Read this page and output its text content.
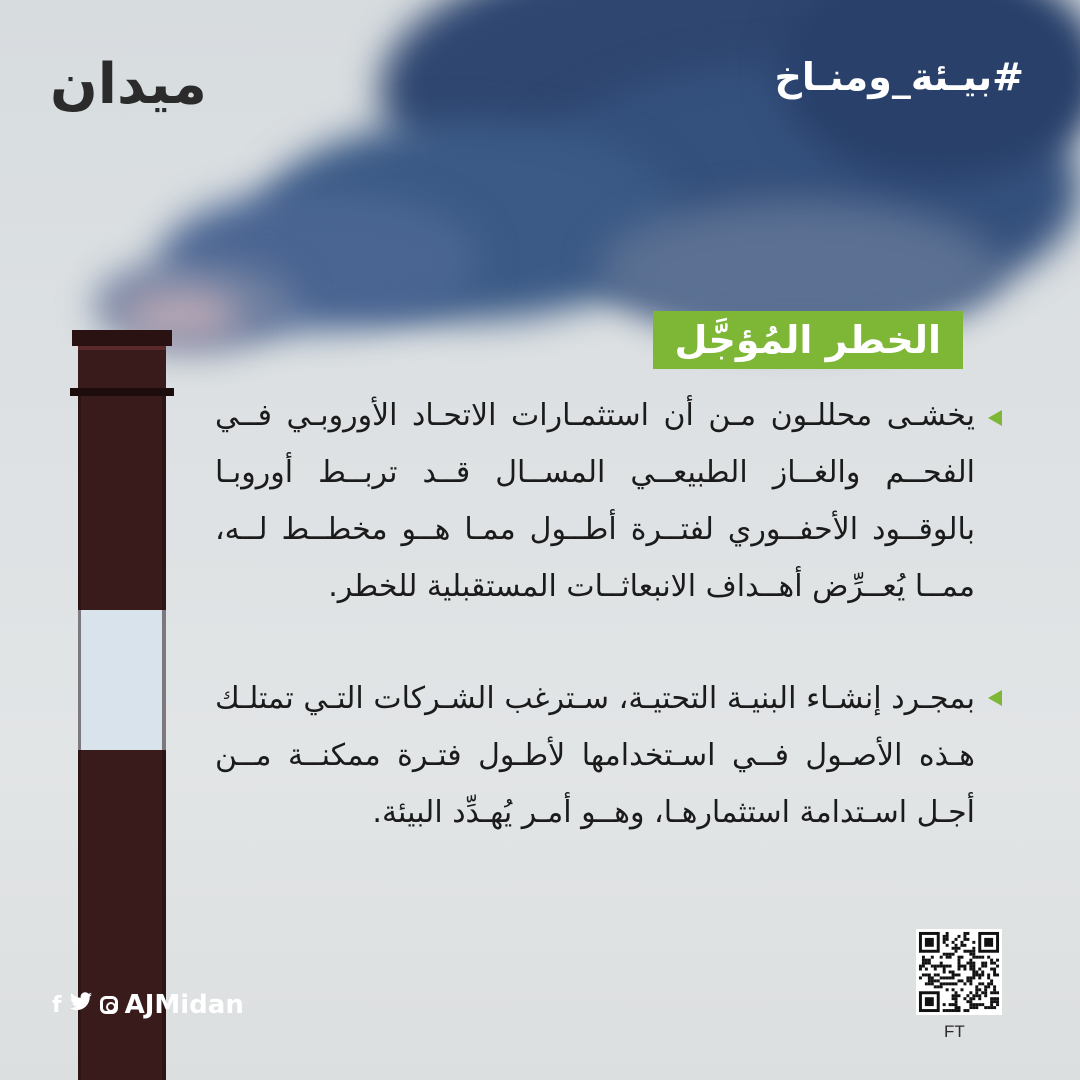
ميدان	#بيـئة_ومنـاخ
الخطر المُؤجَّل
يخشـى محللـون مـن أن استثمـارات الاتحـاد الأوروبـي فــي الفحــم والغــاز الطبيعــي المســال قــد تربــط أوروبـا بالوقــود الأحفــوري لفتــرة أطــول ممـا هــو مخطــط لــه، ممــا يُعــرِّض أهــداف الانبعاثــات المستقبلية للخطر.
بمجـرد إنشـاء البنيـة التحتيـة، سـترغب الشـركات التـي تمتلـك هـذه الأصـول فــي اسـتخدامها لأطـول فتـرة ممكنــة مــن أجـل اسـتدامة استثمارهـا، وهــو أمـر يُهـدِّد البيئة.
f AJMidan
FT
